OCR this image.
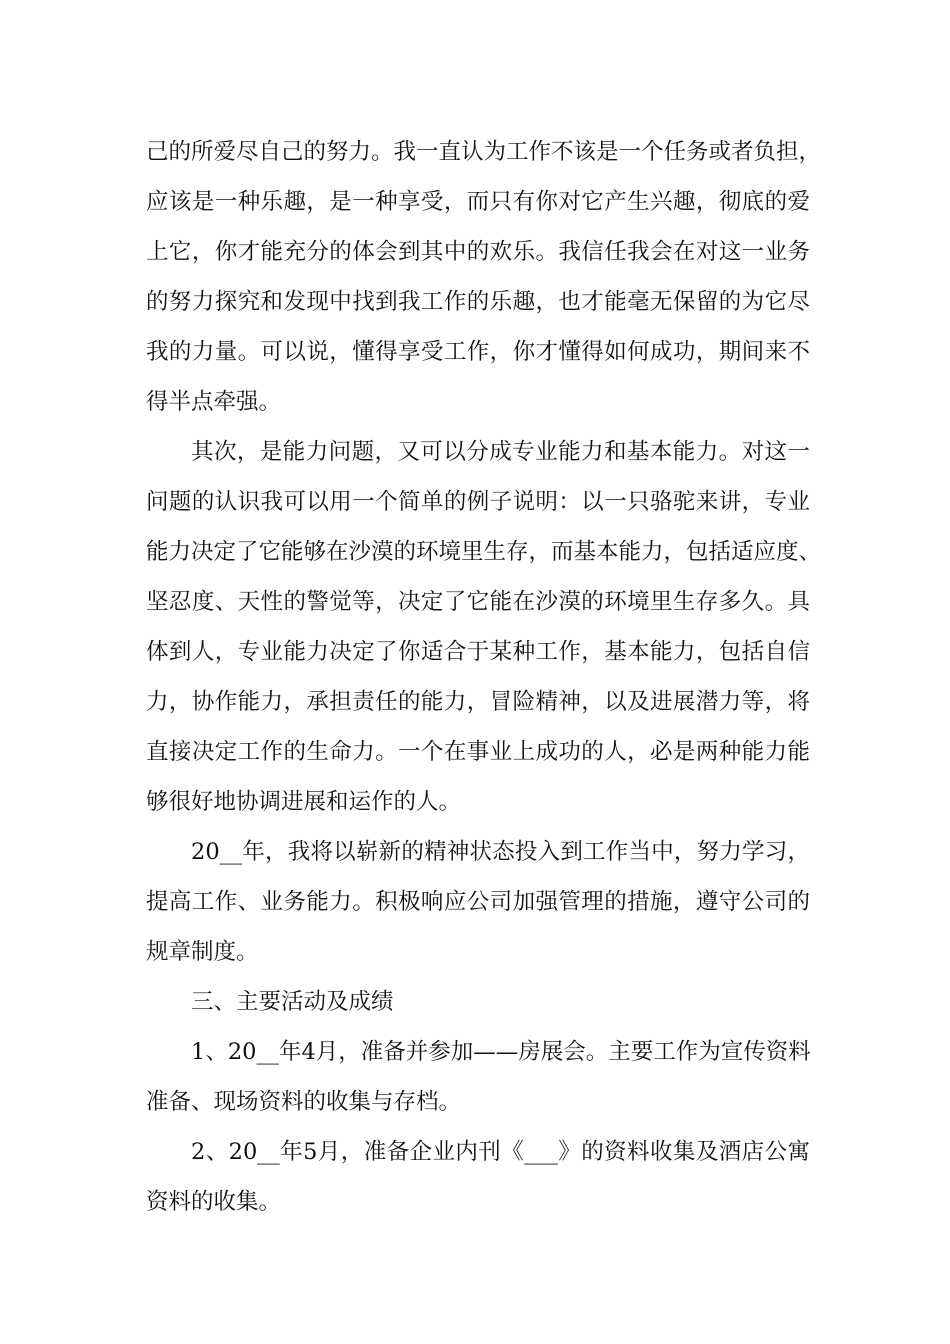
己的所爱尽自己的努力。我一直认为工作不该是一个任务或者负担，
应该是一种乐趣，是一种享受，而只有你对它产生兴趣，彻底的爱
上它，你才能充分的体会到其中的欢乐。我信任我会在对这一业务
的努力探究和发现中找到我工作的乐趣，也才能毫无保留的为它尽
我的力量。可以说，懂得享受工作，你才懂得如何成功，期间来不
得半点牵强。
其次，是能力问题，又可以分成专业能力和基本能力。对这一
问题的认识我可以用一个简单的例子说明：以一只骆驼来讲，专业
能力决定了它能够在沙漠的环境里生存，而基本能力，包括适应度、
坚忍度、天性的警觉等，决定了它能在沙漠的环境里生存多久。具
体到人，专业能力决定了你适合于某种工作，基本能力，包括自信
力，协作能力，承担责任的能力，冒险精神，以及进展潜力等，将
直接决定工作的生命力。一个在事业上成功的人，必是两种能力能
够很好地协调进展和运作的人。
20__年，我将以崭新的精神状态投入到工作当中，努力学习，
提高工作、业务能力。积极响应公司加强管理的措施，遵守公司的
规章制度。
三、主要活动及成绩
1、20__年4月，准备并参加——房展会。主要工作为宣传资料
准备、现场资料的收集与存档。
2、20__年5月，准备企业内刊《___》的资料收集及酒店公寓
资料的收集。
